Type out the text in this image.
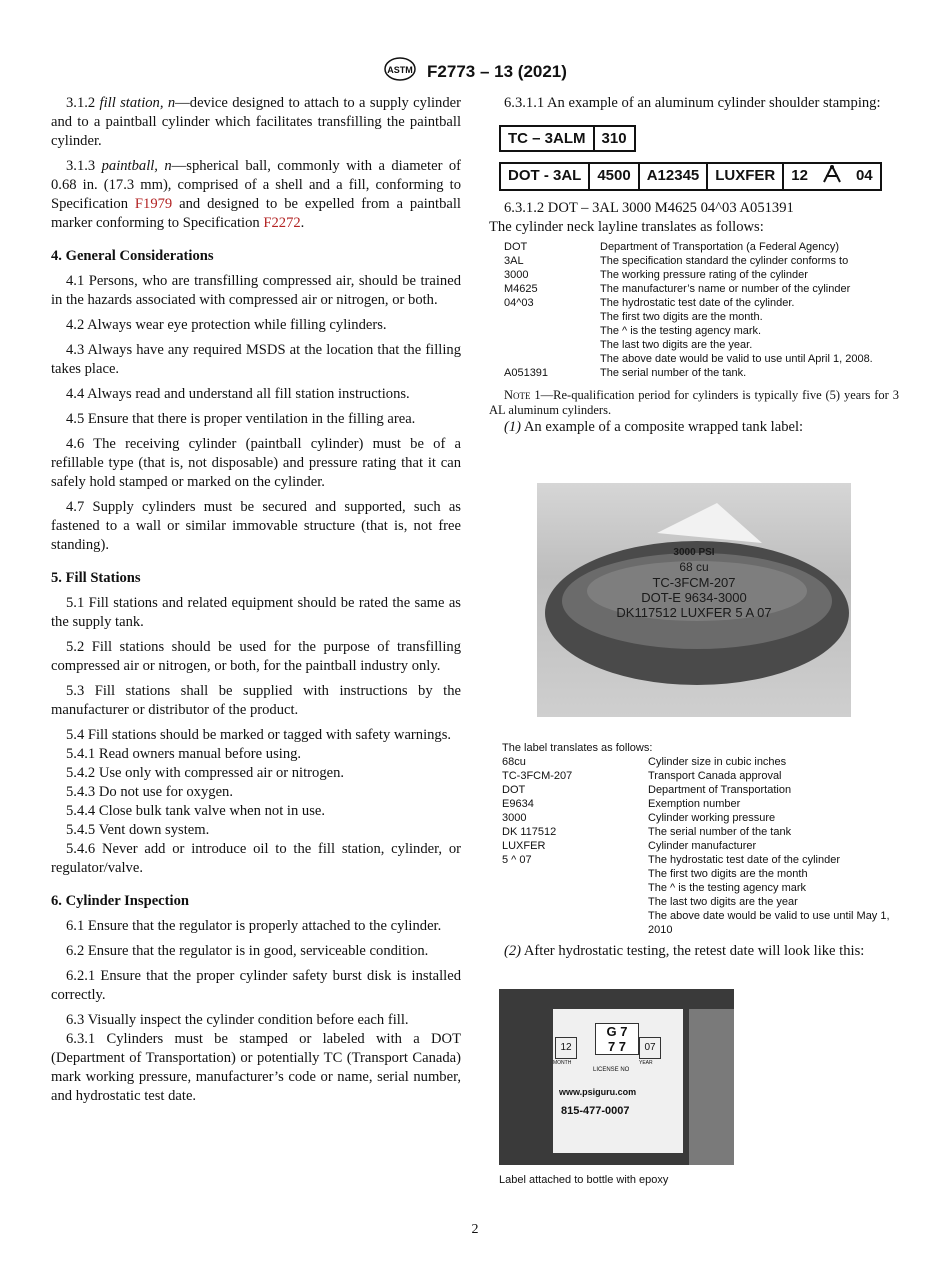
ASTM F2773 – 13 (2021)

3.1.2 fill station, n—device designed to attach to a supply cylinder and to a paintball cylinder which facilitates transfilling the paintball cylinder.

3.1.3 paintball, n—spherical ball, commonly with a diameter of 0.68 in. (17.3 mm), comprised of a shell and a fill, conforming to Specification F1979 and designed to be expelled from a paintball marker conforming to Specification F2272.

4. General Considerations

4.1 Persons, who are transfilling compressed air, should be trained in the hazards associated with compressed air or nitrogen, or both.

4.2 Always wear eye protection while filling cylinders.

4.3 Always have any required MSDS at the location that the filling takes place.

4.4 Always read and understand all fill station instructions.

4.5 Ensure that there is proper ventilation in the filling area.

4.6 The receiving cylinder (paintball cylinder) must be of a refillable type (that is, not disposable) and pressure rating that it can safely hold stamped or marked on the cylinder.

4.7 Supply cylinders must be secured and supported, such as fastened to a wall or similar immovable structure (that is, not free standing).

5. Fill Stations

5.1 Fill stations and related equipment should be rated the same as the supply tank.

5.2 Fill stations should be used for the purpose of transfilling compressed air or nitrogen, or both, for the paintball industry only.

5.3 Fill stations shall be supplied with instructions by the manufacturer or distributor of the product.

5.4 Fill stations should be marked or tagged with safety warnings.

5.4.1 Read owners manual before using.

5.4.2 Use only with compressed air or nitrogen.

5.4.3 Do not use for oxygen.

5.4.4 Close bulk tank valve when not in use.

5.4.5 Vent down system.

5.4.6 Never add or introduce oil to the fill station, cylinder, or regulator/valve.

6. Cylinder Inspection

6.1 Ensure that the regulator is properly attached to the cylinder.

6.2 Ensure that the regulator is in good, serviceable condition.

6.2.1 Ensure that the proper cylinder safety burst disk is installed correctly.

6.3 Visually inspect the cylinder condition before each fill.

6.3.1 Cylinders must be stamped or labeled with a DOT (Department of Transportation) or potentially TC (Transport Canada) mark working pressure, manufacturer’s code or name, serial number, and hydrostatic test date.

6.3.1.1 An example of an aluminum cylinder shoulder stamping:

TC – 3ALM	310
DOT - 3AL	4500	A12345	LUXFER	12	04

6.3.1.2 DOT – 3AL 3000 M4625 04^03 A051391

The cylinder neck layline translates as follows:

DOT	Department of Transportation (a Federal Agency)
3AL	The specification standard the cylinder conforms to
3000	The working pressure rating of the cylinder
M4625	The manufacturer’s name or number of the cylinder
04^03	The hydrostatic test date of the cylinder.
	The first two digits are the month.
	The ^ is the testing agency mark.
	The last two digits are the year.
	The above date would be valid to use until April 1, 2008.
A051391	The serial number of the tank.

Note 1—Re-qualification period for cylinders is typically five (5) years for 3 AL aluminum cylinders.

(1) An example of a composite wrapped tank label:

3000 PSI
68 cu
TC-3FCM-207
DOT-E 9634-3000
DK117512 LUXFER 5 A 07
The label translates as follows:
68cu	Cylinder size in cubic inches
TC-3FCM-207	Transport Canada approval
DOT	Department of Transportation
E9634	Exemption number
3000	Cylinder working pressure
DK 117512	The serial number of the tank
LUXFER	Cylinder manufacturer
5 ^ 07	The hydrostatic test date of the cylinder
	The first two digits are the month
	The ^ is the testing agency mark
	The last two digits are the year
	The above date would be valid to use until May 1, 2010

(2) After hydrostatic testing, the retest date will look like this:

12
G 7
7 7	07
MONTH	YEAR
LICENSE NO
www.psiguru.com
815-477-0007
Label attached to bottle with epoxy
2
